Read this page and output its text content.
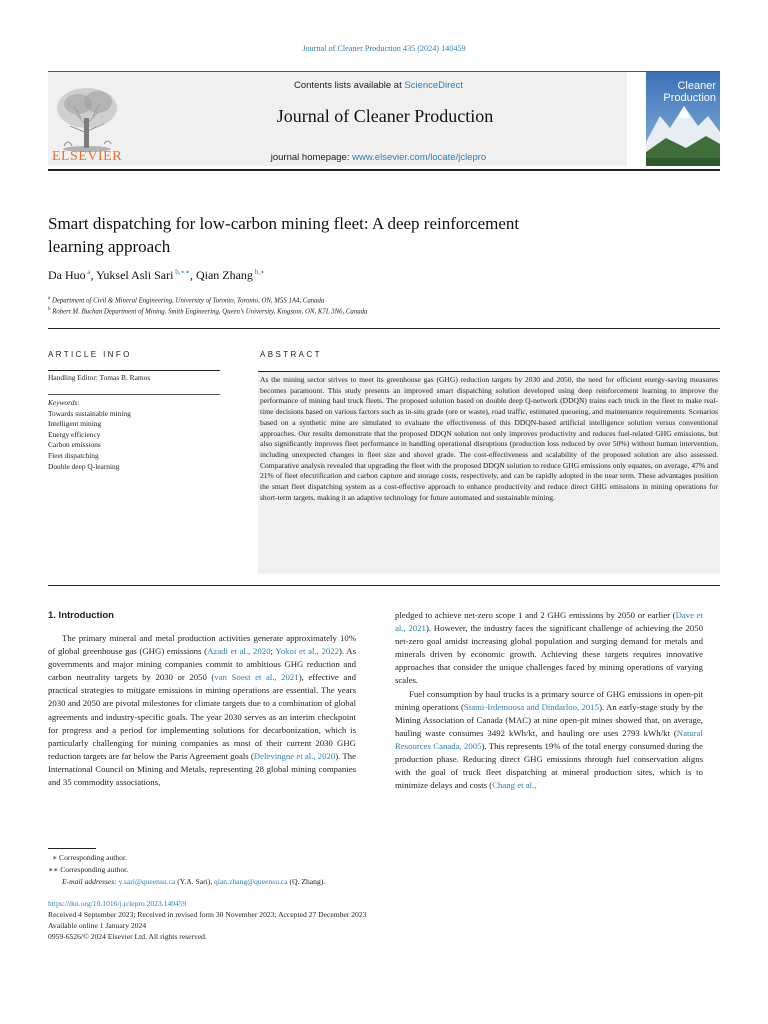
Journal of Cleaner Production 435 (2024) 140459
ELSEVIER
Contents lists available at ScienceDirect
Journal of Cleaner Production
journal homepage: www.elsevier.com/locate/jclepro
Cleaner
Production
Smart dispatching for low-carbon mining fleet: A deep reinforcement
learning approach
Da Huo $^a$, Yuksel Asli Sari $^{b,∗∗}$, Qian Zhang $^{b,∗}$
$^a$ Department of Civil & Mineral Engineering, University of Toronto, Toronto, ON, M5S 1A4, Canada
$^b$ Robert M. Buchan Department of Mining, Smith Engineering, Queen’s University, Kingston, ON, K7L 3N6, Canada
ARTICLE INFO
Handling Editor: Tomas B. Ramos
Keywords:
Towards sustainable mining
Intelligent mining
Energy efficiency
Carbon emissions
Fleet dispatching
Double deep Q-learning
ABSTRACT
As the mining sector strives to meet its greenhouse gas (GHG) reduction targets by 2030 and 2050, the need for efficient energy-saving measures becomes paramount. This study presents an improved smart dispatching solution developed using deep reinforcement learning to improve the performance of mining haul truck fleets. The proposed solution based on double deep Q-network (DDQN) trains each truck in the fleet to make real-time decisions based on various factors such as in-situ grade (ore or waste), road traffic, estimated queueing, and maintenance requirements. Scenarios based on a synthetic mine are simulated to evaluate the effectiveness of this DDQN-based artificial intelligence solution versus conventional approaches. Our results demonstrate that the proposed DDQN solution not only improves productivity and reduces fuel-related GHG emissions, but also significantly improves fleet performance in handling operational disruptions (production loss reduced by over 50%) without human intervention, including unexpected changes in fleet size and shovel grade. The cost-effectiveness and scalability of the proposed solution are also assessed. Comparative analysis revealed that upgrading the fleet with the proposed DDQN solution to reduce GHG emissions only equates, on average, 47% and 21% of fleet electrification and carbon capture and storage costs, respectively, and can be rapidly adopted in the near term. These advantages position the smart fleet dispatching system as a cost-effective approach to enhance productivity and reduce direct GHG emissions in mining operations for short-term targets, making it an adaptive technology for future automated and sustainable mining.
1. Introduction

The primary mineral and metal production activities generate approximately 10% of global greenhouse gas (GHG) emissions (Azadi et al., 2020; Yokoi et al., 2022). As governments and major mining companies commit to ambitious GHG reduction and carbon neutrality targets by 2030 or 2050 (van Soest et al., 2021), effective and practical strategies to mitigate emissions in mining operations are essential. The years 2030 and 2050 are pivotal milestones for climate targets due to a combination of global agreements and industry-specific goals. The year 2030 serves as an interim checkpoint for progress and a period for implementing solutions for decarbonization, which is particularly challenging for mining companies as most of their current 2030 GHG reduction targets are far below the Paris Agreement goals (Delevingne et al., 2020). The International Council on Mining and Metals, representing 28 global mining companies and 35 commodity associations,

pledged to achieve net-zero scope 1 and 2 GHG emissions by 2050 or earlier (Dave et al., 2021). However, the industry faces the significant challenge of achieving the 2050 net-zero goal amidst increasing global population and surging demand for metals and minerals driven by economic growth. Achieving these targets requires innovative approaches that consider the unique challenges faced by mining operations of varying scales.

Fuel consumption by haul trucks is a primary source of GHG emissions in open-pit mining operations (Siami-Irdemoosa and Dindarloo, 2015). An early-stage study by the Mining Association of Canada (MAC) at nine open-pit mines showed that, on average, hauling waste consumes 3492 kWh/kt, and hauling ore uses 2793 kWh/kt (Natural Resources Canada, 2005). This represents 19% of the total energy consumed during the production phase. Reducing direct GHG emissions through fuel conservation aligns with the goal of truck fleet dispatching at mineral production sites, which is to minimize delays and costs (Chang et al.,

∗ Corresponding author.
∗∗ Corresponding author.
E-mail addresses: y.sari@queensu.ca (Y.A. Sari), qian.zhang@queensu.ca (Q. Zhang).
https://doi.org/10.1016/j.jclepro.2023.140459
Received 4 September 2023; Received in revised form 30 November 2023; Accepted 27 December 2023
Available online 1 January 2024
0959-6526/© 2024 Elsevier Ltd. All rights reserved.
